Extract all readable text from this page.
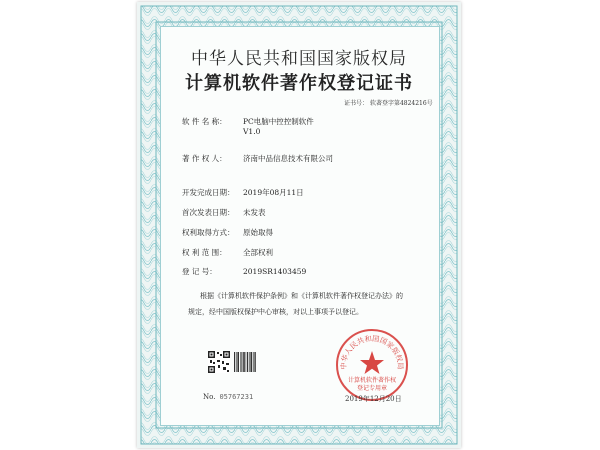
中华人民共和国国家版权局
计算机软件著作权登记证书
证书号： 软著登字第4824216号
软 件 名 称： PC电脑中控控制软件
V1.0
著 作 权 人： 济南中品信息技术有限公司
开发完成日期： 2019年08月11日
首次发表日期： 未发表
权利取得方式： 原始取得
权 利 范 围： 全部权利
登 记 号：	2019SR1403459
根据《计算机软件保护条例》和《计算机软件著作权登记办法》的
规定，经中国版权保护中心审核，对以上事项予以登记。
No. 05767231
中华人民共和国国家版权局
计算机软件著作权
登记专用章
2019年12月20日
